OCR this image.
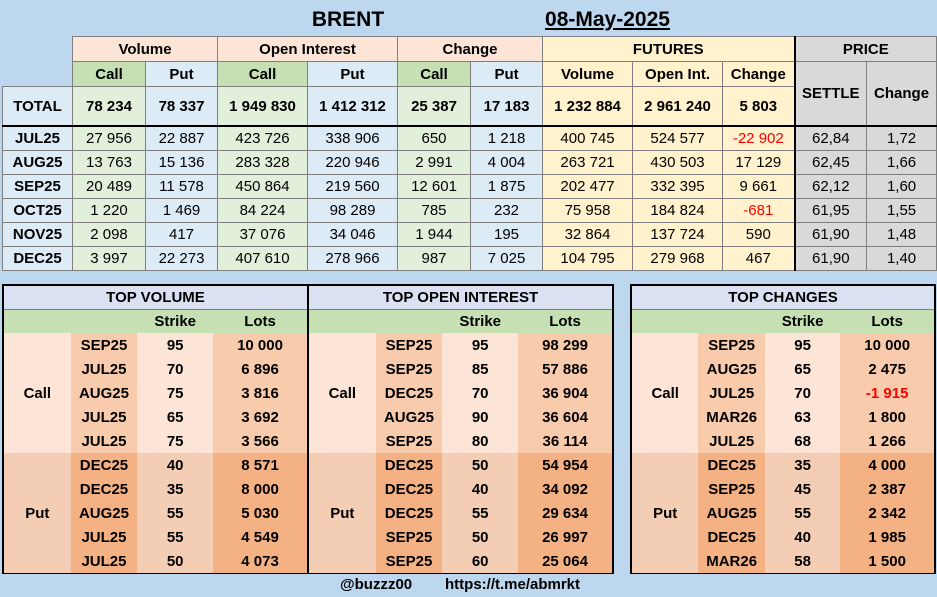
BRENT	08-May-2025
	Volume		Open Interest		Change		FUTURES			PRICE	
	Call	Put	Call	Put	Call	Put	Volume	Open Int.	Change	SETTLE	Change
TOTAL	78 234	78 337	1 949 830	1 412 312	25 387	17 183	1 232 884	2 961 240	5 803		
JUL25	27 956	22 887	423 726	338 906	650	1 218	400 745	524 577	-22 902	62,84	1,72
AUG25	13 763	15 136	283 328	220 946	2 991	4 004	263 721	430 503	17 129	62,45	1,66
SEP25	20 489	11 578	450 864	219 560	12 601	1 875	202 477	332 395	9 661	62,12	1,60
OCT25	1 220	1 469	84 224	98 289	785	232	75 958	184 824	-681	61,95	1,55
NOV25	2 098	417	37 076	34 046	1 944	195	32 864	137 724	590	61,90	1,48
DEC25	3 997	22 273	407 610	278 966	987	7 025	104 795	279 968	467	61,90	1,40
TOP VOLUME			
		Strike	Lots
Call	SEP25	95	10 000
	JUL25	70	6 896
	AUG25	75	3 816
	JUL25	65	3 692
	JUL25	75	3 566
Put	DEC25	40	8 571
	DEC25	35	8 000
	AUG25	55	5 030
	JUL25	55	4 549
	JUL25	50	4 073
TOP OPEN INTEREST			
		Strike	Lots
Call	SEP25	95	98 299
	SEP25	85	57 886
	DEC25	70	36 904
	AUG25	90	36 604
	SEP25	80	36 114
Put	DEC25	50	54 954
	DEC25	40	34 092
	DEC25	55	29 634
	SEP25	50	26 997
	SEP25	60	25 064
TOP CHANGES			
		Strike	Lots
Call	SEP25	95	10 000
	AUG25	65	2 475
	JUL25	70	-1 915
	MAR26	63	1 800
	JUL25	68	1 266
Put	DEC25	35	4 000
	SEP25	45	2 387
	AUG25	55	2 342
	DEC25	40	1 985
	MAR26	58	1 500
@buzzz00 https://t.me/abmrkt
